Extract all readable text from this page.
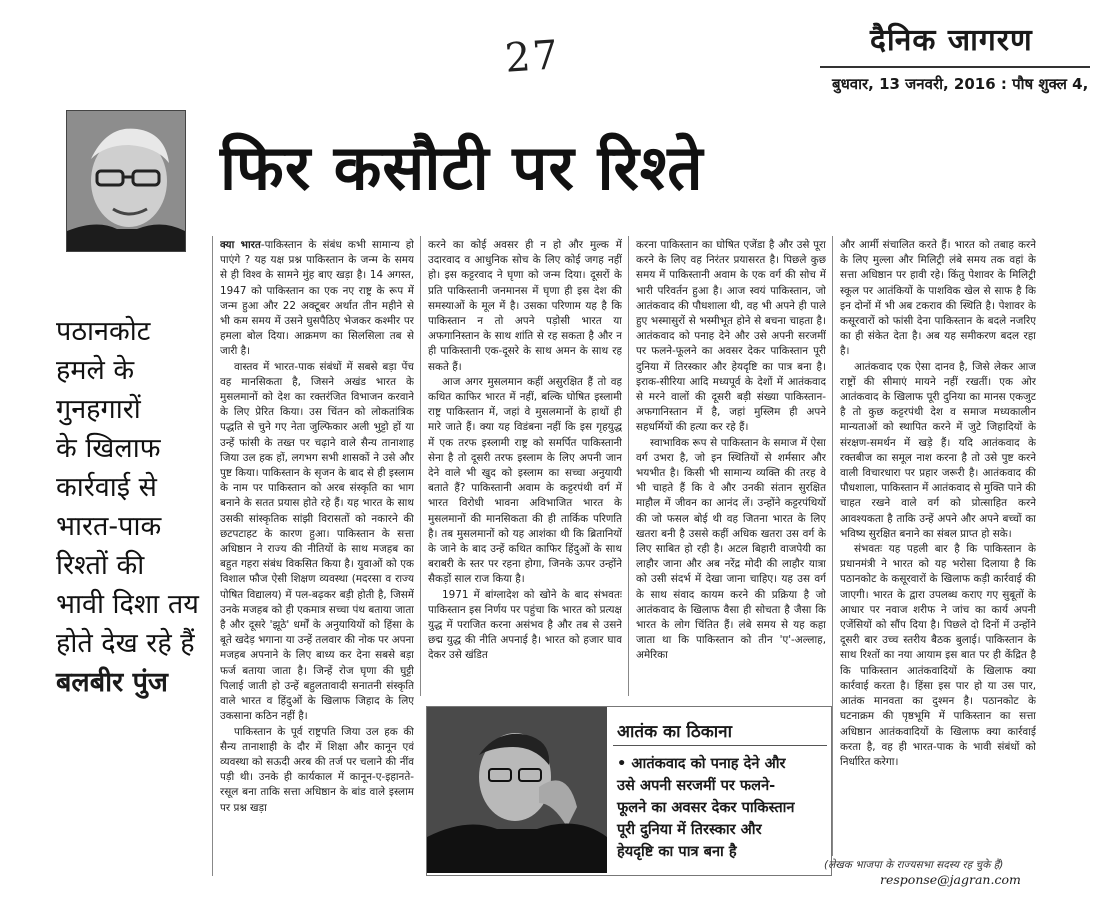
27	दैनिक जागरण
बुधवार, 13 जनवरी, 2016 : पौष शुक्ल 4,
फिर कसौटी पर रिश्ते
पठानकोट
हमले के
गुनहगारों
के खिलाफ
कार्रवाई से
भारत-पाक
रिश्तों की
भावी दिशा तय
होते देख रहे हैं
बलबीर पुंज

क्या भारत-पाकिस्तान के संबंध कभी सामान्य हो पाएंगे ? यह यक्ष प्रश्न पाकिस्तान के जन्म के समय से ही विश्व के सामने मुंह बाए खड़ा है। 14 अगस्त, 1947 को पाकिस्तान का एक नए राष्ट्र के रूप में जन्म हुआ और 22 अक्टूबर अर्थात तीन महीने से भी कम समय में उसने घुसपैठिए भेजकर कश्मीर पर हमला बोल दिया। आक्रमण का सिलसिला तब से जारी है।

वास्तव में भारत-पाक संबंधों में सबसे बड़ा पेंच वह मानसिकता है, जिसने अखंड भारत के मुसलमानों को देश का रक्तरंजित विभाजन करवाने के लिए प्रेरित किया। उस चिंतन को लोकतांत्रिक पद्धति से चुने गए नेता जुल्फिकार अली भुट्टो हों या उन्हें फांसी के तख्त पर चढ़ाने वाले सैन्य तानाशाह जिया उल हक हों, लगभग सभी शासकों ने उसे और पुष्ट किया। पाकिस्तान के सृजन के बाद से ही इस्लाम के नाम पर पाकिस्तान को अरब संस्कृति का भाग बनाने के सतत प्रयास होते रहे हैं। यह भारत के साथ उसकी सांस्कृतिक सांझी विरासतों को नकारने की छटपटाहट के कारण हुआ। पाकिस्तान के सत्ता अधिष्ठान ने राज्य की नीतियों के साथ मजहब का बहुत गहरा संबंध विकसित किया है। युवाओं को एक विशाल फौज ऐसी शिक्षण व्यवस्था (मदरसा व राज्य पोषित विद्यालय) में पल-बढ़कर बड़ी होती है, जिसमें उनके मजहब को ही एकमात्र सच्चा पंथ बताया जाता है और दूसरे 'झूठे' धर्मों के अनुयायियों को हिंसा के बूते खदेड़ भगाना या उन्हें तलवार की नोक पर अपना मजहब अपनाने के लिए बाध्य कर देना सबसे बड़ा फर्ज बताया जाता है। जिन्हें रोज घृणा की घुट्टी पिलाई जाती हो उन्हें बहुलतावादी सनातनी संस्कृति वाले भारत व हिंदुओं के खिलाफ जिहाद के लिए उकसाना कठिन नहीं है।

पाकिस्तान के पूर्व राष्ट्रपति जिया उल हक की सैन्य तानाशाही के दौर में शिक्षा और कानून एवं व्यवस्था को सऊदी अरब की तर्ज पर चलाने की नींव पड़ी थी। उनके ही कार्यकाल में कानून-ए-इहानते-रसूल बना ताकि सत्ता अधिष्ठान के बांड वाले इस्लाम पर प्रश्न खड़ा

करने का कोई अवसर ही न हो और मुल्क में उदारवाद व आधुनिक सोच के लिए कोई जगह नहीं हो। इस कट्टरवाद ने घृणा को जन्म दिया। दूसरों के प्रति पाकिस्तानी जनमानस में घृणा ही इस देश की समस्याओं के मूल में है। उसका परिणाम यह है कि पाकिस्तान न तो अपने पड़ोसी भारत या अफगानिस्तान के साथ शांति से रह सकता है और न ही पाकिस्तानी एक-दूसरे के साथ अमन के साथ रह सकते हैं।

आज अगर मुसलमान कहीं असुरक्षित हैं तो वह कथित काफिर भारत में नहीं, बल्कि घोषित इस्लामी राष्ट्र पाकिस्तान में, जहां वे मुसलमानों के हाथों ही मारे जाते हैं। क्या यह विडंबना नहीं कि इस गृहयुद्ध में एक तरफ इस्लामी राष्ट्र को समर्पित पाकिस्तानी सेना है तो दूसरी तरफ इस्लाम के लिए अपनी जान देने वाले भी खुद को इस्लाम का सच्चा अनुयायी बताते हैं? पाकिस्तानी अवाम के कट्टरपंथी वर्ग में भारत विरोधी भावना अविभाजित भारत के मुसलमानों की मानसिकता की ही तार्किक परिणति है। तब मुसलमानों को यह आशंका थी कि ब्रितानियों के जाने के बाद उन्हें कथित काफिर हिंदुओं के साथ बराबरी के स्तर पर रहना होगा, जिनके ऊपर उन्होंने सैकड़ों साल राज किया है।

1971 में बांग्लादेश को खोने के बाद संभवतः पाकिस्तान इस निर्णय पर पहुंचा कि भारत को प्रत्यक्ष युद्ध में पराजित करना असंभव है और तब से उसने छद्म युद्ध की नीति अपनाई है। भारत को हजार घाव देकर उसे खंडित

करना पाकिस्तान का घोषित एजेंडा है और उसे पूरा करने के लिए वह निरंतर प्रयासरत है। पिछले कुछ समय में पाकिस्तानी अवाम के एक वर्ग की सोच में भारी परिवर्तन हुआ है। आज स्वयं पाकिस्तान, जो आतंकवाद की पौधशाला थी, वह भी अपने ही पाले हुए भस्मासुरों से भस्मीभूत होने से बचना चाहता है। आतंकवाद को पनाह देने और उसे अपनी सरजमीं पर फलने-फूलने का अवसर देकर पाकिस्तान पूरी दुनिया में तिरस्कार और हेयदृष्टि का पात्र बना है। इराक-सीरिया आदि मध्यपूर्व के देशों में आतंकवाद से मरने वालों की दूसरी बड़ी संख्या पाकिस्तान-अफगानिस्तान में है, जहां मुस्लिम ही अपने सहधर्मियों की हत्या कर रहे हैं।

स्वाभाविक रूप से पाकिस्तान के समाज में ऐसा वर्ग उभरा है, जो इन स्थितियों से शर्मसार और भयभीत है। किसी भी सामान्य व्यक्ति की तरह वे भी चाहते हैं कि वे और उनकी संतान सुरक्षित माहौल में जीवन का आनंद लें। उन्होंने कट्टरपंथियों की जो फसल बोई थी वह जितना भारत के लिए खतरा बनी है उससे कहीं अधिक खतरा उस वर्ग के लिए साबित हो रही है। अटल बिहारी वाजपेयी का लाहौर जाना और अब नरेंद्र मोदी की लाहौर यात्रा को उसी संदर्भ में देखा जाना चाहिए। यह उस वर्ग के साथ संवाद कायम करने की प्रक्रिया है जो आतंकवाद के खिलाफ वैसा ही सोचता है जैसा कि भारत के लोग चिंतित हैं। लंबे समय से यह कहा जाता था कि पाकिस्तान को तीन 'ए'-अल्लाह, अमेरिका

और आर्मी संचालित करते हैं। भारत को तबाह करने के लिए मुल्ला और मिलिट्री लंबे समय तक वहां के सत्ता अधिष्ठान पर हावी रहे। किंतु पेशावर के मिलिट्री स्कूल पर आतंकियों के पाशविक खेल से साफ है कि इन दोनों में भी अब टकराव की स्थिति है। पेशावर के कसूरवारों को फांसी देना पाकिस्तान के बदले नजरिए का ही संकेत देता है। अब यह समीकरण बदल रहा है।

आतंकवाद एक ऐसा दानव है, जिसे लेकर आज राष्ट्रों की सीमाएं मायने नहीं रखतीं। एक ओर आतंकवाद के खिलाफ पूरी दुनिया का मानस एकजुट है तो कुछ कट्टरपंथी देश व समाज मध्यकालीन मान्यताओं को स्थापित करने में जुटे जिहादियों के संरक्षण-समर्थन में खड़े हैं। यदि आतंकवाद के रक्तबीज का समूल नाश करना है तो उसे पुष्ट करने वाली विचारधारा पर प्रहार जरूरी है। आतंकवाद की पौधशाला, पाकिस्तान में आतंकवाद से मुक्ति पाने की चाहत रखने वाले वर्ग को प्रोत्साहित करने आवश्यकता है ताकि उन्हें अपने और अपने बच्चों का भविष्य सुरक्षित बनाने का संबल प्राप्त हो सके।

संभवतः यह पहली बार है कि पाकिस्तान के प्रधानमंत्री ने भारत को यह भरोसा दिलाया है कि पठानकोट के कसूरवारों के खिलाफ कड़ी कार्रवाई की जाएगी। भारत के द्वारा उपलब्ध कराए गए सुबूतों के आधार पर नवाज शरीफ ने जांच का कार्य अपनी एजेंसियों को सौंप दिया है। पिछले दो दिनों में उन्होंने दूसरी बार उच्च स्तरीय बैठक बुलाई। पाकिस्तान के साथ रिश्तों का नया आयाम इस बात पर ही केंद्रित है कि पाकिस्तान आतंकवादियों के खिलाफ क्या कार्रवाई करता है। हिंसा इस पार हो या उस पार, आतंक मानवता का दुश्मन है। पठानकोट के घटनाक्रम की पृष्ठभूमि में पाकिस्तान का सत्ता अधिष्ठान आतंकवादियों के खिलाफ क्या कार्रवाई करता है, वह ही भारत-पाक के भावी संबंधों को निर्धारित करेगा।

आतंक का ठिकाना
• आतंकवाद को पनाह देने और
उसे अपनी सरजमीं पर फलने-
फूलने का अवसर देकर पाकिस्तान
पूरी दुनिया में तिरस्कार और
हेयदृष्टि का पात्र बना है
(लेखक भाजपा के राज्यसभा सदस्य रह चुके हैं)
response@jagran.com
